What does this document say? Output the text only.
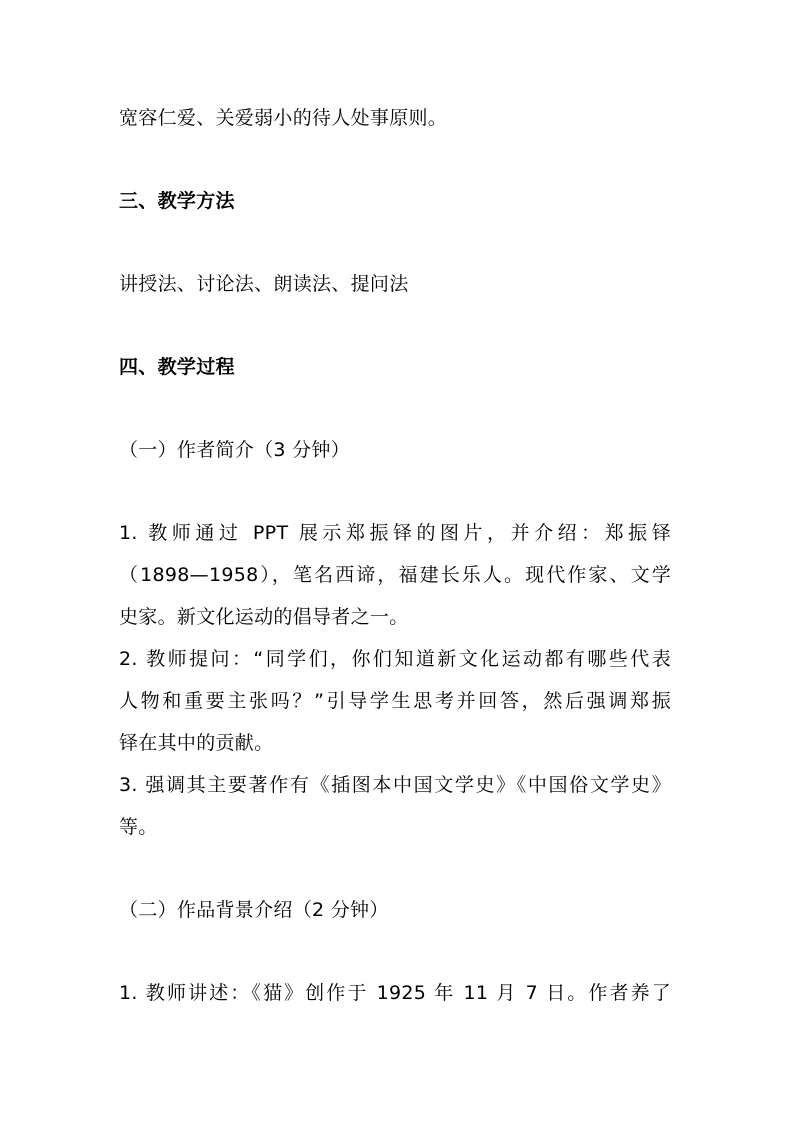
宽容仁爱、关爱弱小的待人处事原则。
三、教学方法
讲授法、讨论法、朗读法、提问法
四、教学过程
（一）作者简介（3 分钟）
1. 教师通过 PPT 展示郑振铎的图片，并介绍：郑振铎
（1898—1958），笔名西谛，福建长乐人。现代作家、文学
史家。新文化运动的倡导者之一。
2. 教师提问：“同学们，你们知道新文化运动都有哪些代表
人物和重要主张吗？”引导学生思考并回答，然后强调郑振
铎在其中的贡献。
3. 强调其主要著作有《插图本中国文学史》《中国俗文学史》
等。
（二）作品背景介绍（2 分钟）
1. 教师讲述：《猫》创作于 1925 年 11 月 7 日。作者养了
